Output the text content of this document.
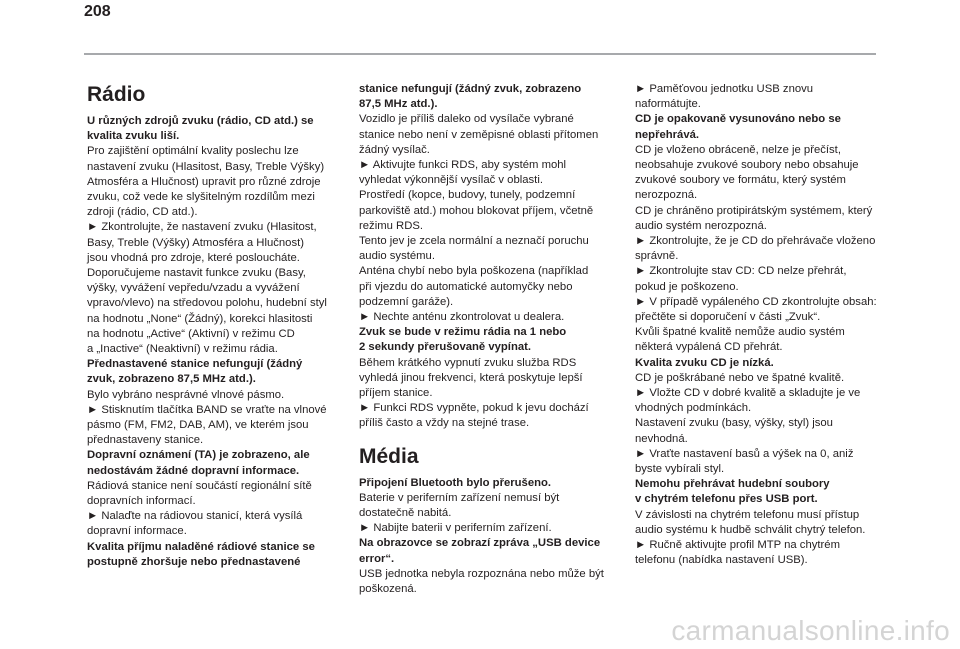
208
Rádio

U různých zdrojů zvuku (rádio, CD atd.) se
kvalita zvuku liší.

Pro zajištění optimální kvality poslechu lze
nastavení zvuku (Hlasitost, Basy, Treble Výšky)
Atmosféra a Hlučnost) upravit pro různé zdroje
zvuku, což vede ke slyšitelným rozdílům mezi
zdroji (rádio, CD atd.).
► Zkontrolujte, že nastavení zvuku (Hlasitost,
Basy, Treble (Výšky) Atmosféra a Hlučnost)
jsou vhodná pro zdroje, které posloucháte.
Doporučujeme nastavit funkce zvuku (Basy,
výšky, vyvážení vepředu/vzadu a vyvážení
vpravo/vlevo) na středovou polohu, hudební styl
na hodnotu „None“ (Žádný), korekci hlasitosti
na hodnotu „Active“ (Aktivní) v režimu CD
a „Inactive“ (Neaktivní) v režimu rádia.

Přednastavené stanice nefungují (žádný
zvuk, zobrazeno 87,5 MHz atd.).

Bylo vybráno nesprávné vlnové pásmo.
► Stisknutím tlačítka BAND se vraťte na vlnové
pásmo (FM, FM2, DAB, AM), ve kterém jsou
přednastaveny stanice.

Dopravní oznámení (TA) je zobrazeno, ale
nedostávám žádné dopravní informace.

Rádiová stanice není součástí regionální sítě
dopravních informací.
► Nalaďte na rádiovou stanicí, která vysílá
dopravní informace.

Kvalita příjmu naladěné rádiové stanice se
postupně zhoršuje nebo přednastavené

stanice nefungují (žádný zvuk, zobrazeno
87,5 MHz atd.).

Vozidlo je příliš daleko od vysílače vybrané
stanice nebo není v zeměpisné oblasti přítomen
žádný vysílač.
► Aktivujte funkci RDS, aby systém mohl
vyhledat výkonnější vysílač v oblasti.
Prostředí (kopce, budovy, tunely, podzemní
parkoviště atd.) mohou blokovat příjem, včetně
režimu RDS.
Tento jev je zcela normální a neznačí poruchu
audio systému.
Anténa chybí nebo byla poškozena (například
při vjezdu do automatické automyčky nebo
podzemní garáže).
► Nechte anténu zkontrolovat u dealera.

Zvuk se bude v režimu rádia na 1 nebo
2 sekundy přerušovaně vypínat.

Během krátkého vypnutí zvuku služba RDS
vyhledá jinou frekvenci, která poskytuje lepší
příjem stanice.
► Funkci RDS vypněte, pokud k jevu dochází
příliš často a vždy na stejné trase.

Média

Připojení Bluetooth bylo přerušeno.

Baterie v periferním zařízení nemusí být
dostatečně nabitá.
► Nabijte baterii v periferním zařízení.

Na obrazovce se zobrazí zpráva „USB device
error“.

USB jednotka nebyla rozpoznána nebo může být
poškozená.

► Paměťovou jednotku USB znovu
naformátujte.

CD je opakovaně vysunováno nebo se
nepřehrává.

CD je vloženo obráceně, nelze je přečíst,
neobsahuje zvukové soubory nebo obsahuje
zvukové soubory ve formátu, který systém
nerozpozná.
CD je chráněno protipirátským systémem, který
audio systém nerozpozná.
► Zkontrolujte, že je CD do přehrávače vloženo
správně.
► Zkontrolujte stav CD: CD nelze přehrát,
pokud je poškozeno.
► V případě vypáleného CD zkontrolujte obsah:
přečtěte si doporučení v části „Zvuk“.
Kvůli špatné kvalitě nemůže audio systém
některá vypálená CD přehrát.

Kvalita zvuku CD je nízká.

CD je poškrábané nebo ve špatné kvalitě.
► Vložte CD v dobré kvalitě a skladujte je ve
vhodných podmínkách.
Nastavení zvuku (basy, výšky, styl) jsou
nevhodná.
► Vraťte nastavení basů a výšek na 0, aniž
byste vybírali styl.

Nemohu přehrávat hudební soubory
v chytrém telefonu přes USB port.

V závislosti na chytrém telefonu musí přístup
audio systému k hudbě schválit chytrý telefon.
► Ručně aktivujte profil MTP na chytrém
telefonu (nabídka nastavení USB).

carmanualsonline.info
